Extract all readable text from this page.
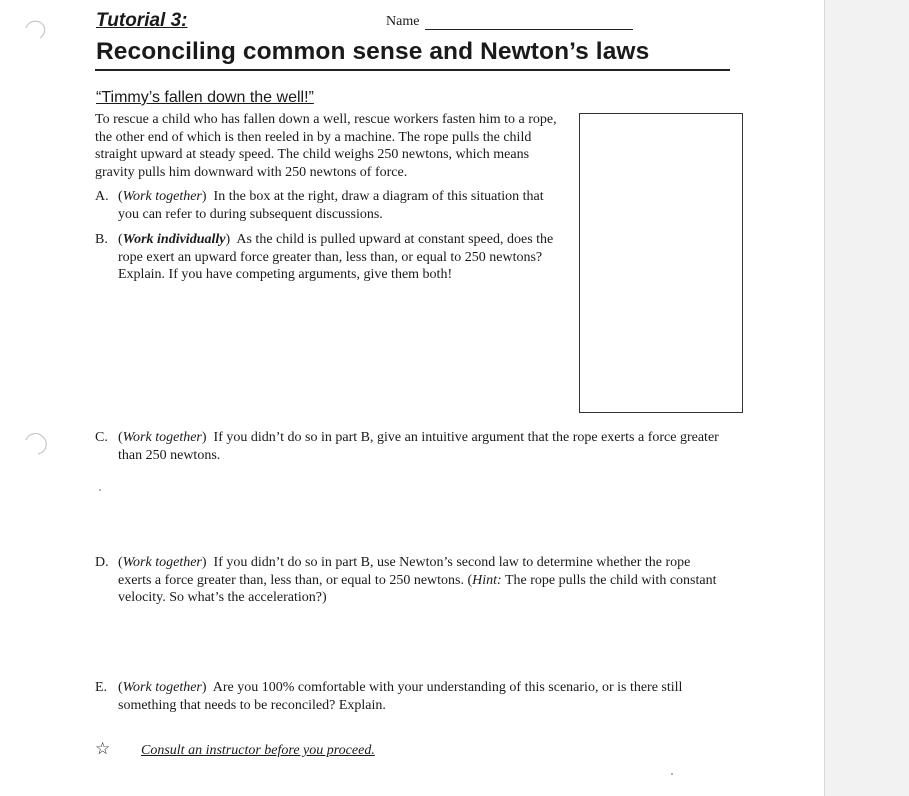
Tutorial 3:	Name
Reconciling common sense and Newton’s laws
“Timmy’s fallen down the well!”
To rescue a child who has fallen down a well, rescue workers fasten him to a rope, the other end of which is then reeled in by a machine. The rope pulls the child straight upward at steady speed. The child weighs 250 newtons, which means gravity pulls him downward with 250 newtons of force.
A. (Work together)  In the box at the right, draw a diagram of this situation that you can refer to during subsequent discussions.
B. (Work individually)  As the child is pulled upward at constant speed, does the rope exert an upward force greater than, less than, or equal to 250 newtons? Explain. If you have competing arguments, give them both!
C. (Work together)  If you didn’t do so in part B, give an intuitive argument that the rope exerts a force greater than 250 newtons.
D. (Work together)  If you didn’t do so in part B, use Newton’s second law to determine whether the rope exerts a force greater than, less than, or equal to 250 newtons. (Hint: The rope pulls the child with constant velocity. So what’s the acceleration?)
E. (Work together)  Are you 100% comfortable with your understanding of this scenario, or is there still something that needs to be reconciled? Explain.
☆	Consult an instructor before you proceed.
